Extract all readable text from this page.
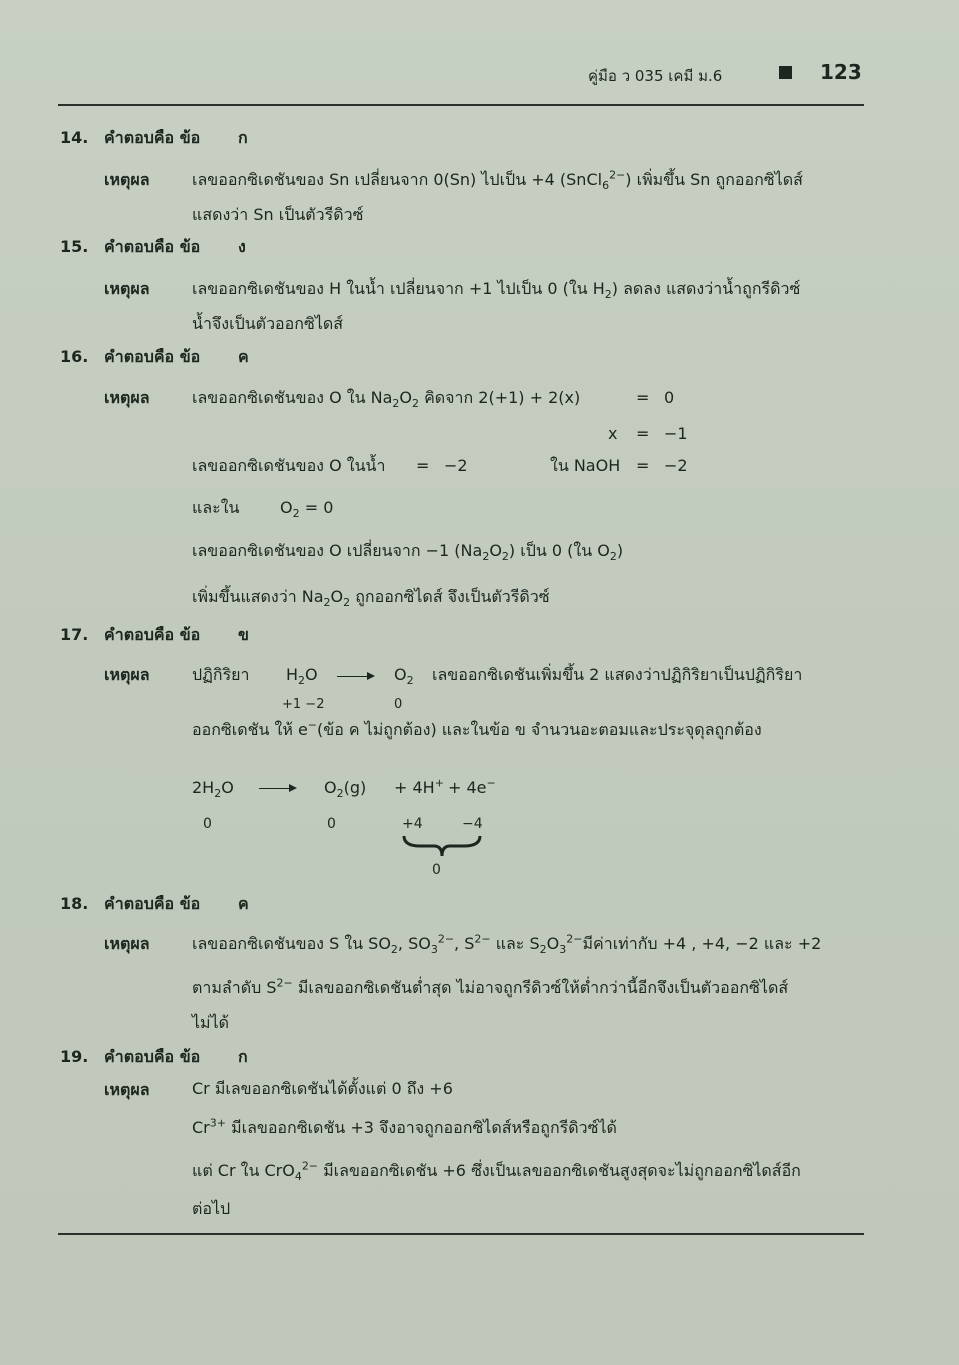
คู่มือ ว 035 เคมี ม.6	123
14. คำตอบคือ ข้อ ก
เหตุผล	เลขออกซิเดชันของ Sn เปลี่ยนจาก 0(Sn) ไปเป็น +4 (SnCl$_6^{2-}$) เพิ่มขึ้น Sn ถูกออกซิไดส์
แสดงว่า Sn เป็นตัวรีดิวซ์
15. คำตอบคือ ข้อ ง
เหตุผล	เลขออกซิเดชันของ H ในน้ำ เปลี่ยนจาก +1 ไปเป็น 0 (ใน $H_2$) ลดลง แสดงว่าน้ำถูกรีดิวซ์
น้ำจึงเป็นตัวออกซิไดส์
16. คำตอบคือ ข้อ ค
เหตุผล	เลขออกซิเดชันของ O ใน $Na_2O_2$ คิดจาก 2(+1) + 2(x)	= 0
x = −1
เลขออกซิเดชันของ O ในน้ำ = −2	ใน NaOH = −2
และใน	$O_2 = 0$
เลขออกซิเดชันของ O เปลี่ยนจาก −1 $(Na_2O_2)$ เป็น 0 (ใน $O_2$)
เพิ่มขึ้นแสดงว่า $Na_2O_2$ ถูกออกซิไดส์ จึงเป็นตัวรีดิวซ์
17. คำตอบคือ ข้อ ข
เหตุผล	ปฏิกิริยา $H_2O$	$O_2$ เลขออกซิเดชันเพิ่มขึ้น 2 แสดงว่าปฏิกิริยาเป็นปฏิกิริยา
+1 −2	0
ออกซิเดชัน ให้ e−(ข้อ ค ไม่ถูกต้อง) และในข้อ ข จำนวนอะตอมและประจุดุลถูกต้อง
$2H_2O$	$O_2(g) + 4H^+ + 4e^-$
0	0	+4	−4
0
18. คำตอบคือ ข้อ ค
เหตุผล	เลขออกซิเดชันของ S ใน $SO_2$, $SO_3^{2-}$, $S^{2-}$ และ $S_2O_3^{2-}$มีค่าเท่ากับ +4 , +4, −2 และ +2
ตามลำดับ $S^{2-}$ มีเลขออกซิเดชันต่ำสุด ไม่อาจถูกรีดิวซ์ให้ต่ำกว่านี้อีกจึงเป็นตัวออกซิไดส์
ไม่ได้
19. คำตอบคือ ข้อ ก
เหตุผล	Cr มีเลขออกซิเดชันได้ตั้งแต่ 0 ถึง +6
$Cr^{3+}$ มีเลขออกซิเดชัน +3 จึงอาจถูกออกซิไดส์หรือถูกรีดิวซ์ได้
แต่ Cr ใน CrO$_4^{2-}$ มีเลขออกซิเดชัน +6 ซึ่งเป็นเลขออกซิเดชันสูงสุดจะไม่ถูกออกซิไดส์อีก
ต่อไป
